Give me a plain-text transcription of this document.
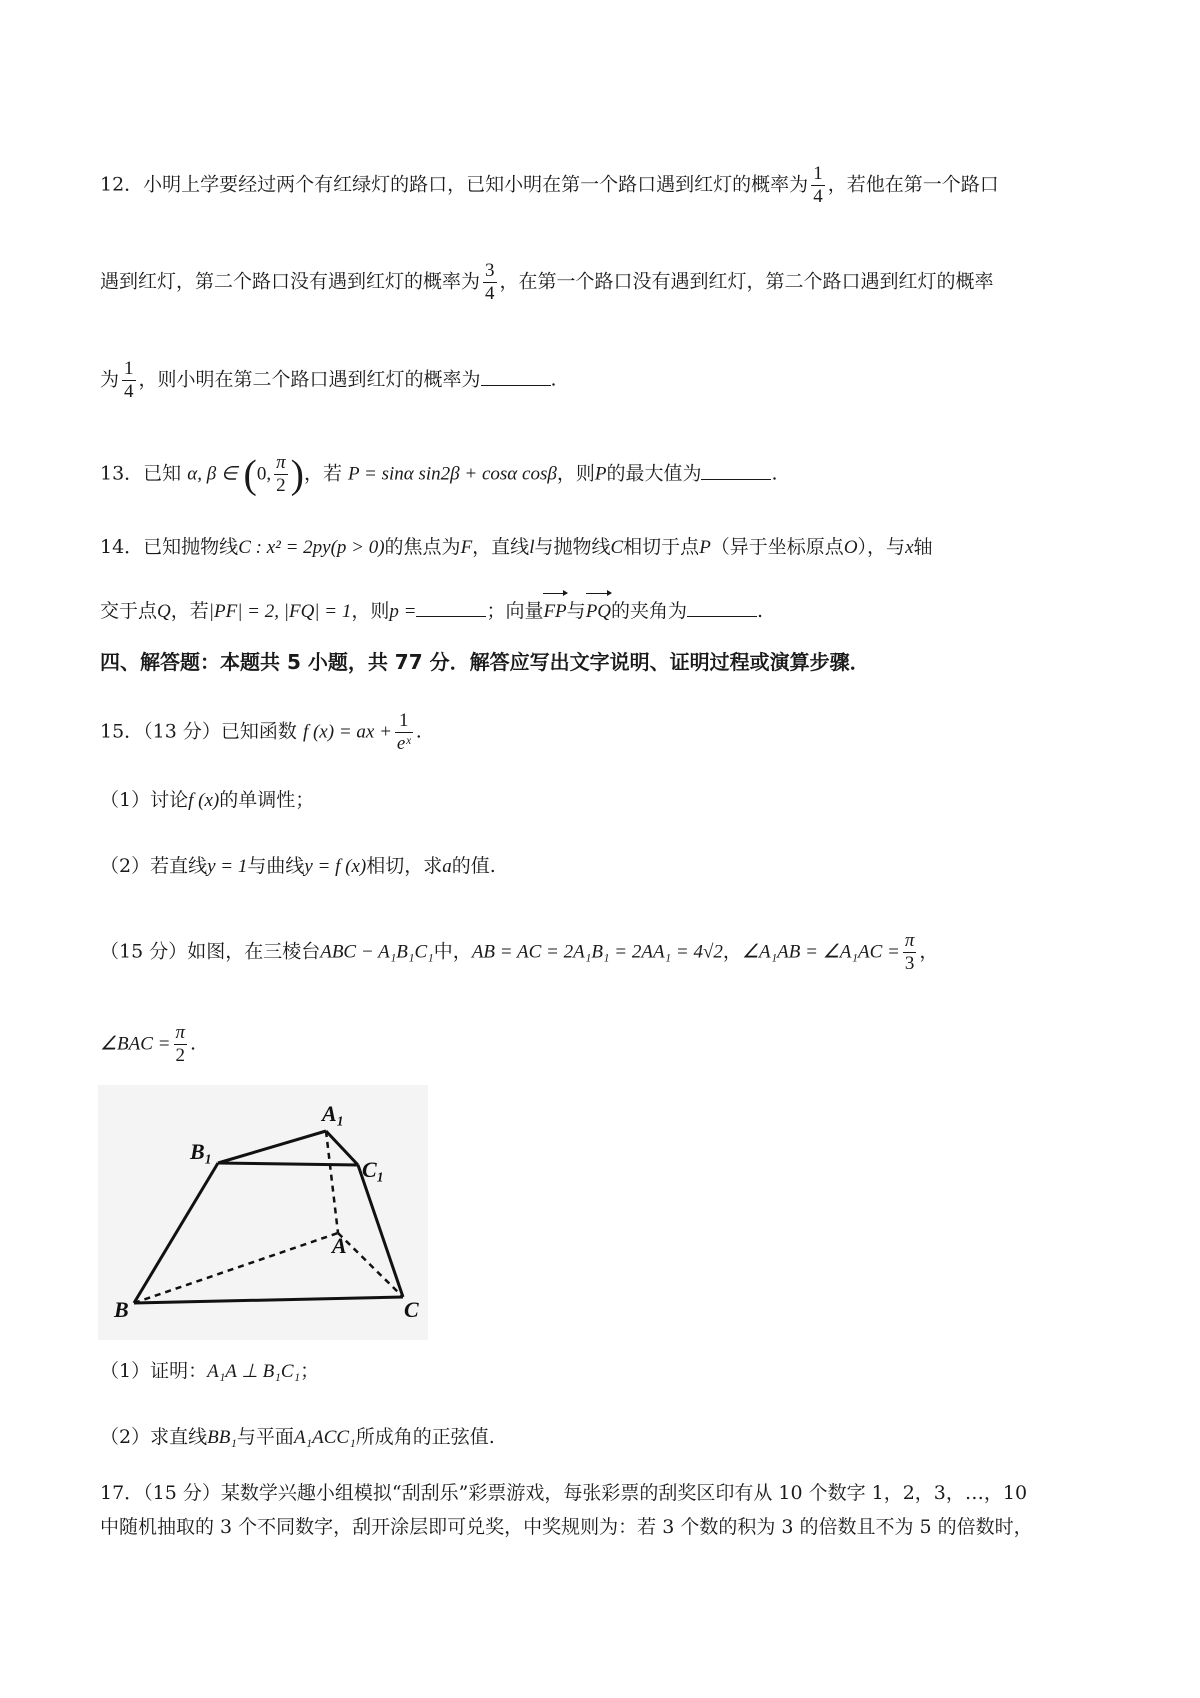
12．小明上学要经过两个有红绿灯的路口，已知小明在第一个路口遇到红灯的概率为 $\frac{1}{4}$ ，若他在第一个路口
遇到红灯，第二个路口没有遇到红灯的概率为 $\frac{3}{4}$ ，在第一个路口没有遇到红灯，第二个路口遇到红灯的概率
为 $\frac{1}{4}$ ，则小明在第二个路口遇到红灯的概率为	.
13．已知 α, β ∈ (0, $\frac{\pi}{2}$ )，若 P = sinα sin2β + cosα cosβ，则P的最大值为	.
14．已知抛物线C : x² = 2py(p > 0)的焦点为F，直线l与抛物线C相切于点P（异于坐标原点O），与x轴
交于点Q，若|PF| = 2, |FQ| = 1，则p =	；向量FP与PQ的夹角为	.
四、解答题：本题共 5 小题，共 77 分．解答应写出文字说明、证明过程或演算步骤．
15．（13 分）已知函数 f (x) = ax + $\frac{1}{\text{eˣ}}$ .
（1）讨论f (x)的单调性；
（2）若直线y = 1与曲线y = f (x)相切，求a的值.
（15 分）如图，在三棱台ABC − A₁B₁C₁中，AB = AC = 2A₁B₁ = 2AA₁ = 4√2，∠A₁AB = ∠A₁AC = $\frac{\pi}{3}$ ，
∠BAC = $\frac{\pi}{2}$ .
B₁
A₁
C₁
A
B	C
（1）证明：A₁A ⊥ B₁C₁；
（2）求直线BB₁与平面A₁ACC₁所成角的正弦值.
17．（15 分）某数学兴趣小组模拟“刮刮乐”彩票游戏，每张彩票的刮奖区印有从 10 个数字 1，2，3，…，10
中随机抽取的 3 个不同数字，刮开涂层即可兑奖，中奖规则为：若 3 个数的积为 3 的倍数且不为 5 的倍数时，
